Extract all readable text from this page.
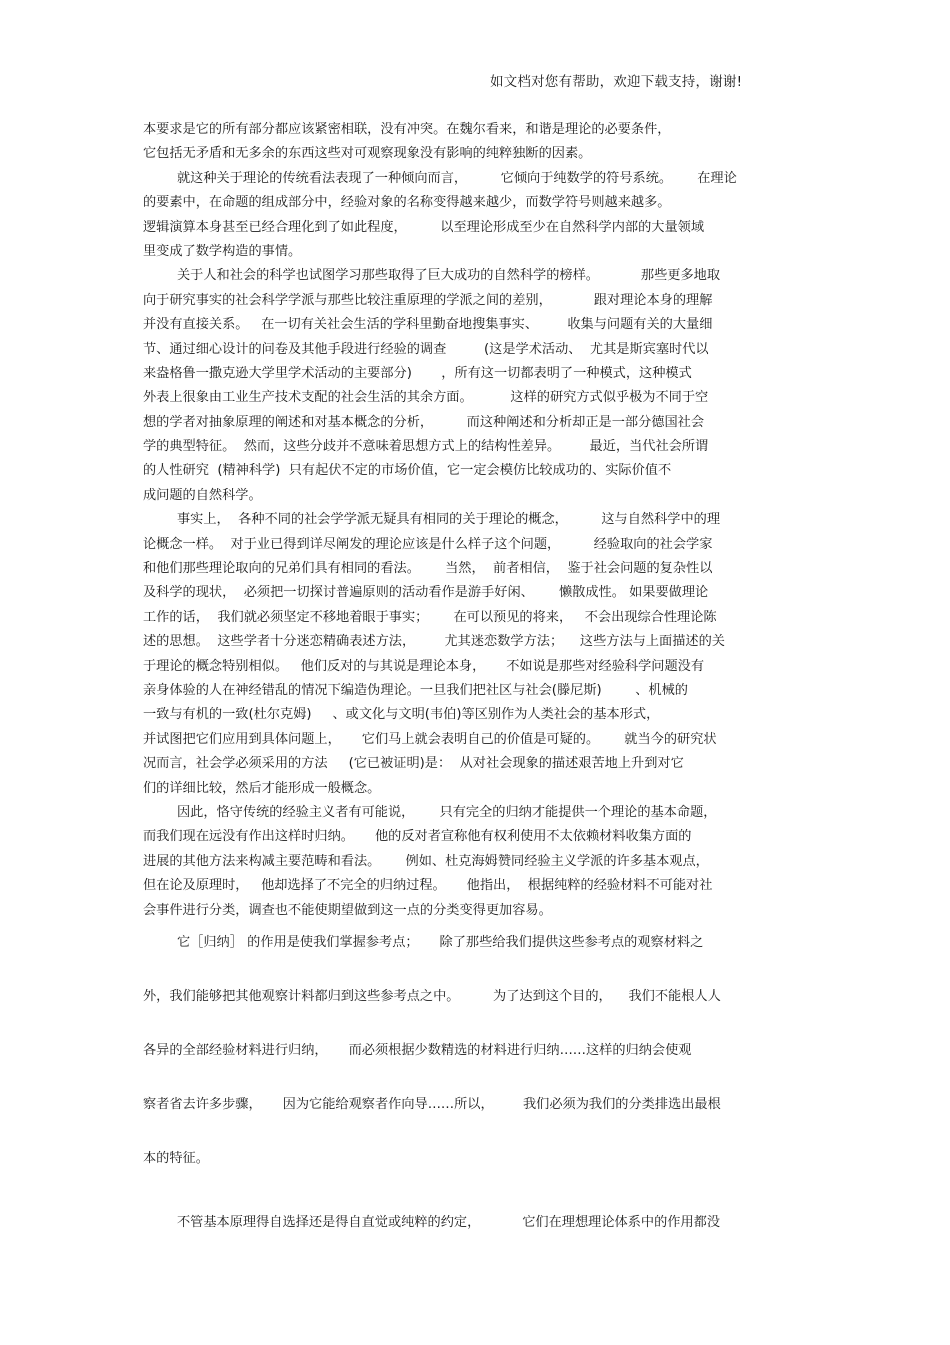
如文档对您有帮助，欢迎下载支持，谢谢!
本要求是它的所有部分都应该紧密相联，没有冲突。在魏尔看来，和谐是理论的必要条件，
它包括无矛盾和无多余的东西这些对可观察现象没有影响的纯粹独断的因素。
就这种关于理论的传统看法表现了一种倾向而言，        它倾向于纯数学的符号系统。      在理论
的要素中，在命题的组成部分中，经验对象的名称变得越来越少，而数学符号则越来越多。
逻辑演算本身甚至已经合理化到了如此程度，        以至理论形成至少在自然科学内部的大量领域
里变成了数学构造的事情。
关于人和社会的科学也试图学习那些取得了巨大成功的自然科学的榜样。          那些更多地取
向于研究事实的社会科学学派与那些比较注重原理的学派之间的差别，          跟对理论本身的理解
并没有直接关系。   在一切有关社会生活的学科里勤奋地搜集事实、       收集与问题有关的大量细
节、通过细心设计的问卷及其他手段进行经验的调查         (这是学术活动、  尤其是斯宾塞时代以
来盎格鲁一撒克逊大学里学术活动的主要部分)       ，所有这一切都表明了一种模式，这种模式
外表上很象由工业生产技术支配的社会生活的其余方面。         这样的研究方式似乎极为不同于空
想的学者对抽象原理的阐述和对基本概念的分析，        而这种阐述和分析却正是一部分德国社会
学的典型特征。  然而，这些分歧并不意味着思想方式上的结构性差异。       最近，当代社会所谓
的人性研究  (精神科学)  只有起伏不定的市场价值，它一定会模仿比较成功的、实际价值不
成问题的自然科学。
事实上，  各种不同的社会学学派无疑具有相同的关于理论的概念，        这与自然科学中的理
论概念一样。  对于业已得到详尽阐发的理论应该是什么样子这个问题，        经验取向的社会学家
和他们那些理论取向的兄弟们具有相同的看法。      当然，  前者相信，  鉴于社会问题的复杂性以
及科学的现状，  必须把一切探讨普遍原则的活动看作是游手好闲、      懒散成性。 如果要做理论
工作的话，  我们就必须坚定不移地着眼于事实；      在可以预见的将来，   不会出现综合性理论陈
述的思想。  这些学者十分迷恋精确表述方法，       尤其迷恋数学方法；    这些方法与上面描述的关
于理论的概念特别相似。   他们反对的与其说是理论本身，     不如说是那些对经验科学问题没有
亲身体验的人在神经错乱的情况下编造伪理论。一旦我们把社区与社会(滕尼斯)        、机械的
一致与有机的一致(杜尔克姆)     、或文化与文明(韦伯)等区别作为人类社会的基本形式，
并试图把它们应用到具体问题上，     它们马上就会表明自己的价值是可疑的。      就当今的研究状
况而言，社会学必须采用的方法     (它已被证明)是：  从对社会现象的描述艰苦地上升到对它
们的详细比较，然后才能形成一般概念。
因此，恪守传统的经验主义者有可能说，      只有完全的归纳才能提供一个理论的基本命题，
而我们现在远没有作出这样时归纳。     他的反对者宣称他有权利使用不太依赖材料收集方面的
进展的其他方法来构减主要范畴和看法。      例如、杜克海姆赞同经验主义学派的许多基本观点，
但在论及原理时，   他却选择了不完全的归纳过程。     他指出，  根据纯粹的经验材料不可能对社
会事件进行分类，调查也不能使期望做到这一点的分类变得更加容易。
它［归纳］ 的作用是使我们掌握参考点；     除了那些给我们提供这些参考点的观察材料之
外，我们能够把其他观察计料都归到这些参考点之中。        为了达到这个目的，    我们不能根人人
各异的全部经验材料进行归纳，     而必须根据少数精选的材料进行归纳……这样的归纳会使观
察者省去许多步骤，     因为它能给观察者作向导……所以，       我们必须为我们的分类排选出最根
本的特征。
不管基本原理得自选择还是得自直觉或纯粹的约定，          它们在理想理论体系中的作用都没
